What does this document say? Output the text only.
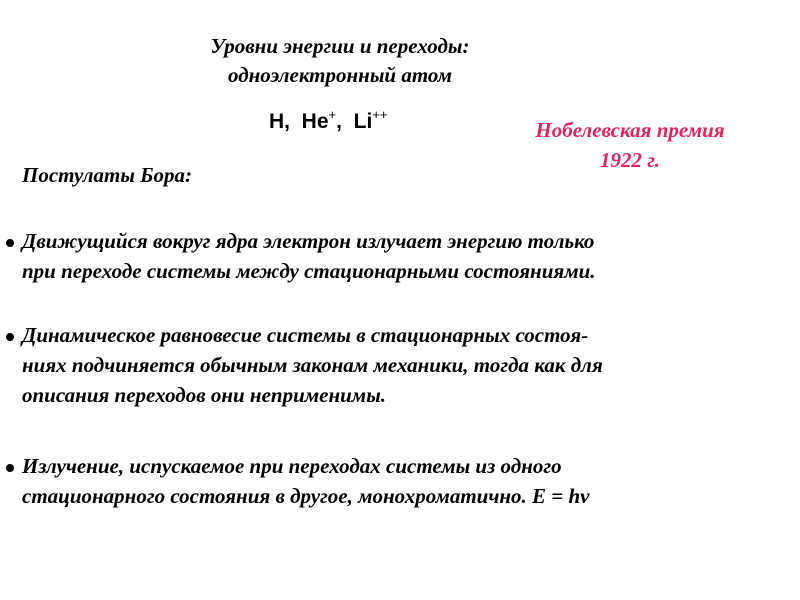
Уровни энергии и переходы:
одноэлектронный атом
H, He+, Li++
Нобелевская премия
1922 г.
Постулаты Бора:
Движущийся вокруг ядра электрон излучает энергию только
при переходе системы между стационарными состояниями.
Динамическое равновесие системы в стационарных состоя-
ниях подчиняется обычным законам механики, тогда как для
описания переходов они неприменимы.
Излучение, испускаемое при переходах системы из одного
стационарного состояния в другое, монохроматично. E = hν
